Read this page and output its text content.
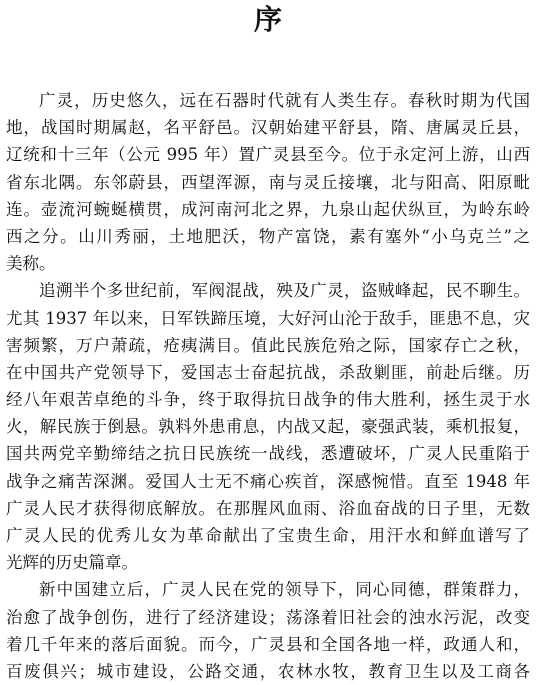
序
广灵，历史悠久，远在石器时代就有人类生存。春秋时期为代国
地，战国时期属赵，名平舒邑。汉朝始建平舒县，隋、唐属灵丘县，
辽统和十三年（公元 995 年）置广灵县至今。位于永定河上游，山西
省东北隅。东邻蔚县，西望浑源，南与灵丘接壤，北与阳高、阳原毗
连。壶流河蜿蜒横贯，成河南河北之界，九泉山起伏纵亘，为岭东岭
西之分。山川秀丽，土地肥沃，物产富饶，素有塞外“小乌克兰”之
美称。
追溯半个多世纪前，军阀混战，殃及广灵，盗贼峰起，民不聊生。
尤其 1937 年以来，日军铁蹄压境，大好河山沦于敌手，匪患不息，灾
害频繁，万户萧疏，疮痍满目。值此民族危殆之际，国家存亡之秋，
在中国共产党领导下，爱国志士奋起抗战，杀敌剿匪，前赴后继。历
经八年艰苦卓绝的斗争，终于取得抗日战争的伟大胜利，拯生灵于水
火，解民族于倒悬。孰料外患甫息，内战又起，豪强武装，乘机报复，
国共两党辛勤缔结之抗日民族统一战线，悉遭破坏，广灵人民重陷于
战争之痛苦深渊。爱国人士无不痛心疾首，深感惋惜。直至 1948 年
广灵人民才获得彻底解放。在那腥风血雨、浴血奋战的日子里，无数
广灵人民的优秀儿女为革命献出了宝贵生命，用汗水和鲜血谱写了
光辉的历史篇章。
新中国建立后，广灵人民在党的领导下，同心同德，群策群力，
治愈了战争创伤，进行了经济建设；荡涤着旧社会的浊水污泥，改变
着几千年来的落后面貌。而今，广灵县和全国各地一样，政通人和，
百废俱兴；城市建设，公路交通，农林水牧，教育卫生以及工商各
